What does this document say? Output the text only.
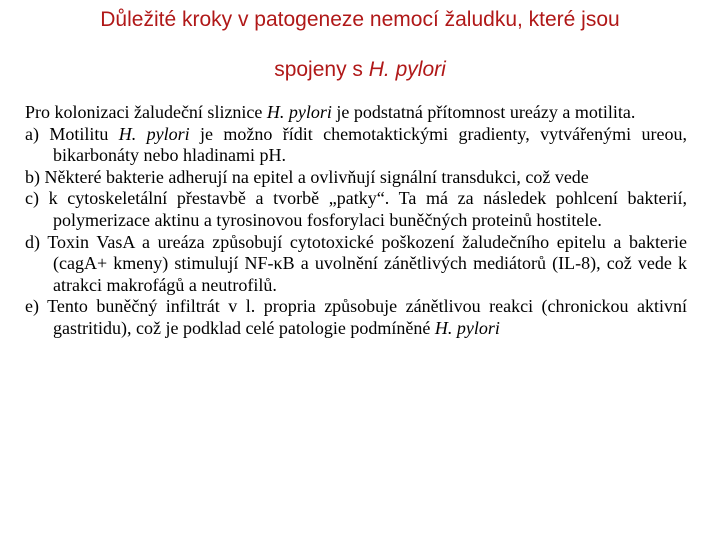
Důležité kroky v patogeneze nemocí žaludku, které jsou
spojeny s H. pylori

Pro kolonizaci žaludeční sliznice H. pylori je podstatná přítomnost ureázy a motilita.

a) Motilitu H. pylori je možno řídit chemotaktickými gradienty, vytvářenými ureou, bikarbonáty nebo hladinami pH.

b) Některé bakterie adherují na epitel a ovlivňují signální transdukci, což vede

c) k cytoskeletální přestavbě a tvorbě „patky“. Ta má za následek pohlcení bakterií, polymerizace aktinu a tyrosinovou fosforylaci buněčných proteinů hostitele.

d) Toxin VasA a ureáza způsobují cytotoxické poškození žaludečního epitelu a bakterie (cagA+ kmeny) stimulují NF-κB a uvolnění zánětlivých mediátorů (IL-8), což vede k atrakci makrofágů a neutrofilů.

e) Tento buněčný infiltrát v l. propria způsobuje zánětlivou reakci (chronickou aktivní gastritidu), což je podklad celé patologie podmíněné H. pylori
